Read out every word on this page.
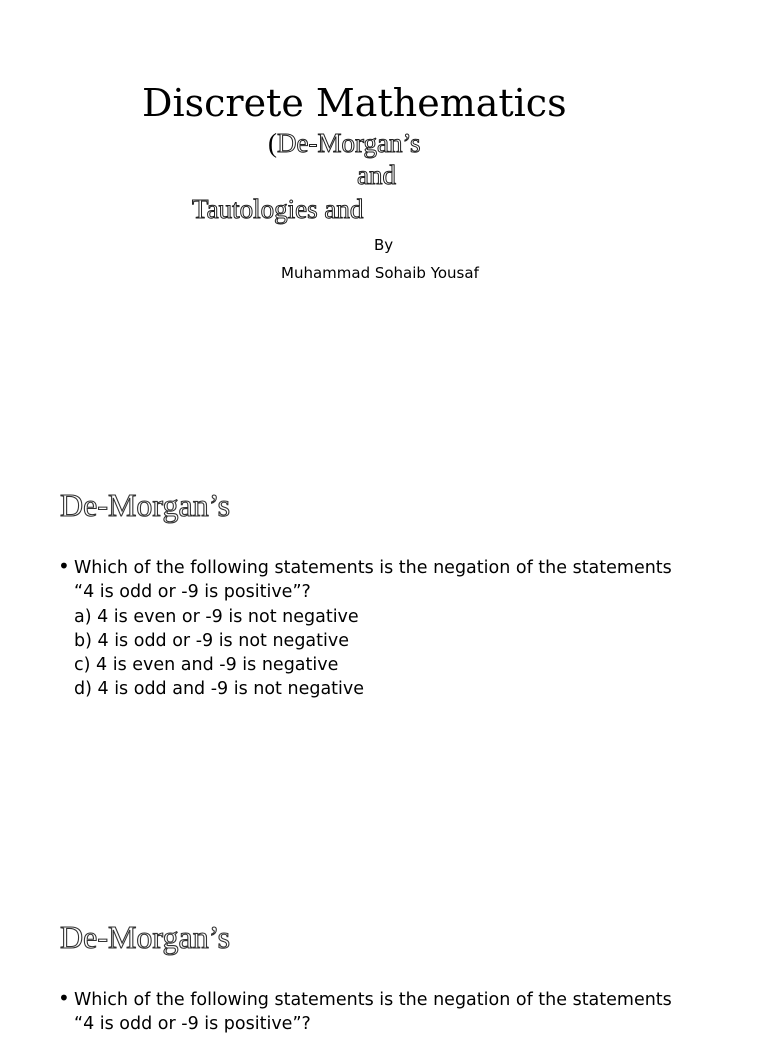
Discrete Mathematics
(De-Morgan’s
and
Tautologies and
By
Muhammad Sohaib Yousaf
De-Morgan’s
• Which of the following statements is the negation of the statements
“4 is odd or -9 is positive”?
a) 4 is even or -9 is not negative
b) 4 is odd or -9 is not negative
c) 4 is even and -9 is negative
d) 4 is odd and -9 is not negative
De-Morgan’s
• Which of the following statements is the negation of the statements
“4 is odd or -9 is positive”?
